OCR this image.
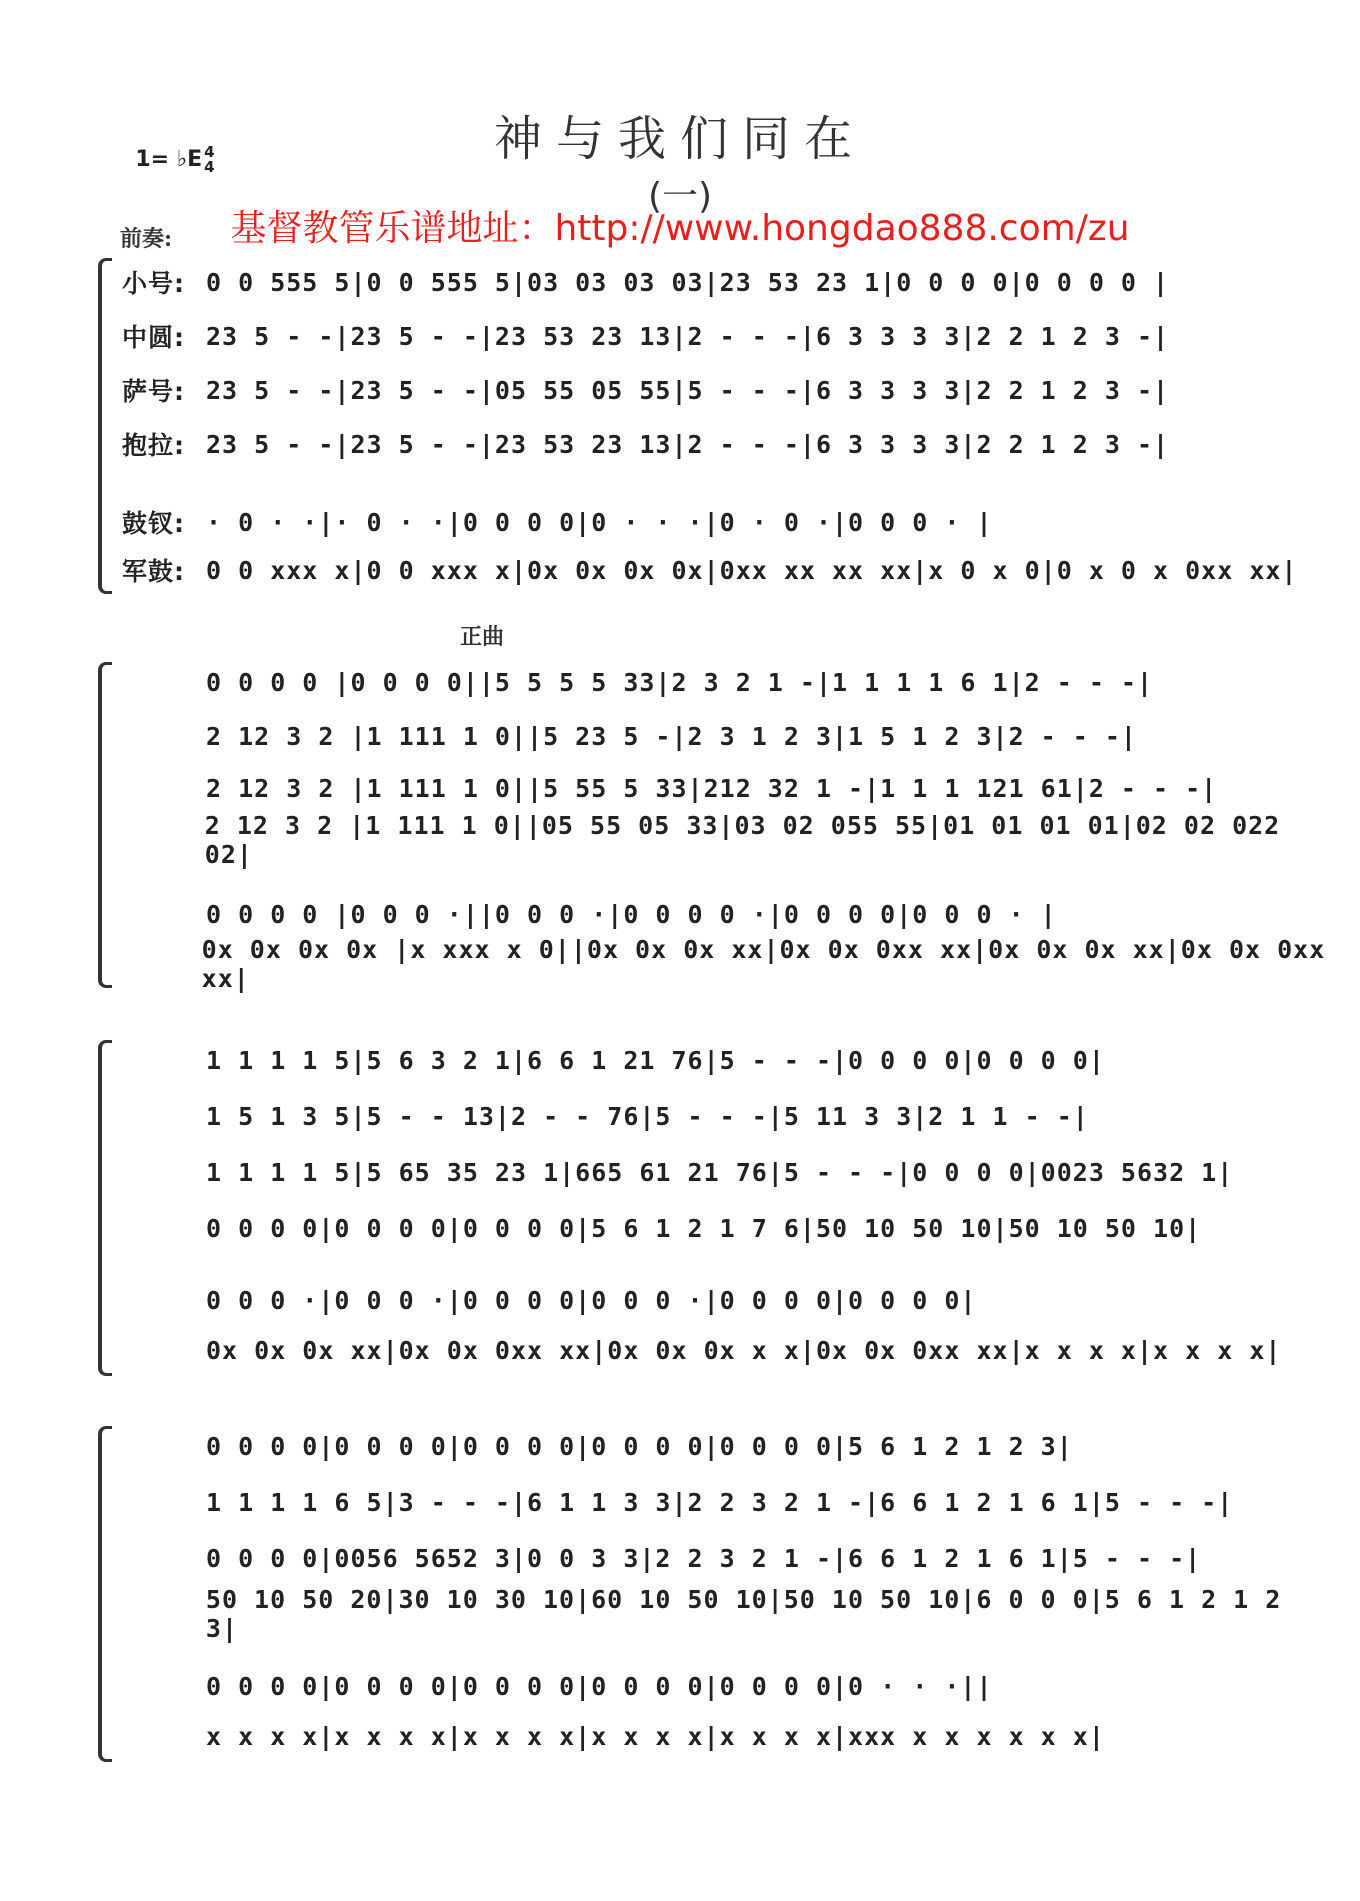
1= ♭E 4
4	神与我们同在
(一)
基督教管乐谱地址：http://www.hongdao888.com/zu
前奏:
正曲
小号: 0 0 555 5|0 0 555 5|03 03 03 03|23 53 23 1|0 0 0 0|0 0 0 0 |
中圆: 23 5 - -|23 5 - -|23 53 23 13|2 - - -|6 3 3 3 3|2 2 1 2 3 -|
萨号: 23 5 - -|23 5 - -|05 55 05 55|5 - - -|6 3 3 3 3|2 2 1 2 3 -|
抱拉: 23 5 - -|23 5 - -|23 53 23 13|2 - - -|6 3 3 3 3|2 2 1 2 3 -|
鼓钗: · 0 · ·|· 0 · ·|0 0 0 0|0 · · ·|0 · 0 ·|0 0 0 · |
军鼓: 0 0 xxx x|0 0 xxx x|0x 0x 0x 0x|0xx xx xx xx|x 0 x 0|0 x 0 x 0xx xx|
0 0 0 0 |0 0 0 0||5 5 5 5 33|2 3 2 1 -|1 1 1 1 6 1|2 - - -|
2 12 3 2 |1 111 1 0||5 23 5 -|2 3 1 2 3|1 5 1 2 3|2 - - -|
2 12 3 2 |1 111 1 0||5 55 5 33|212 32 1 -|1 1 1 121 61|2 - - -|
2 12 3 2 |1 111 1 0||05 55 05 33|03 02 055 55|01 01 01 01|02 02 022 02|
0 0 0 0 |0 0 0 ·||0 0 0 ·|0 0 0 0 ·|0 0 0 0|0 0 0 · |
0x 0x 0x 0x |x xxx x 0||0x 0x 0x xx|0x 0x 0xx xx|0x 0x 0x xx|0x 0x 0xx xx|
1 1 1 1 5|5 6 3 2 1|6 6 1 21 76|5 - - -|0 0 0 0|0 0 0 0|
1 5 1 3 5|5 - - 13|2 - - 76|5 - - -|5 11 3 3|2 1 1 - -|
1 1 1 1 5|5 65 35 23 1|665 61 21 76|5 - - -|0 0 0 0|0023 5632 1|
0 0 0 0|0 0 0 0|0 0 0 0|5 6 1 2 1 7 6|50 10 50 10|50 10 50 10|
0 0 0 ·|0 0 0 ·|0 0 0 0|0 0 0 ·|0 0 0 0|0 0 0 0|
0x 0x 0x xx|0x 0x 0xx xx|0x 0x 0x x x|0x 0x 0xx xx|x x x x|x x x x|
0 0 0 0|0 0 0 0|0 0 0 0|0 0 0 0|0 0 0 0|5 6 1 2 1 2 3|
1 1 1 1 6 5|3 - - -|6 1 1 3 3|2 2 3 2 1 -|6 6 1 2 1 6 1|5 - - -|
0 0 0 0|0056 5652 3|0 0 3 3|2 2 3 2 1 -|6 6 1 2 1 6 1|5 - - -|
50 10 50 20|30 10 30 10|60 10 50 10|50 10 50 10|6 0 0 0|5 6 1 2 1 2 3|
0 0 0 0|0 0 0 0|0 0 0 0|0 0 0 0|0 0 0 0|0 · · ·||
x x x x|x x x x|x x x x|x x x x|x x x x|xxx x x x x x x|
